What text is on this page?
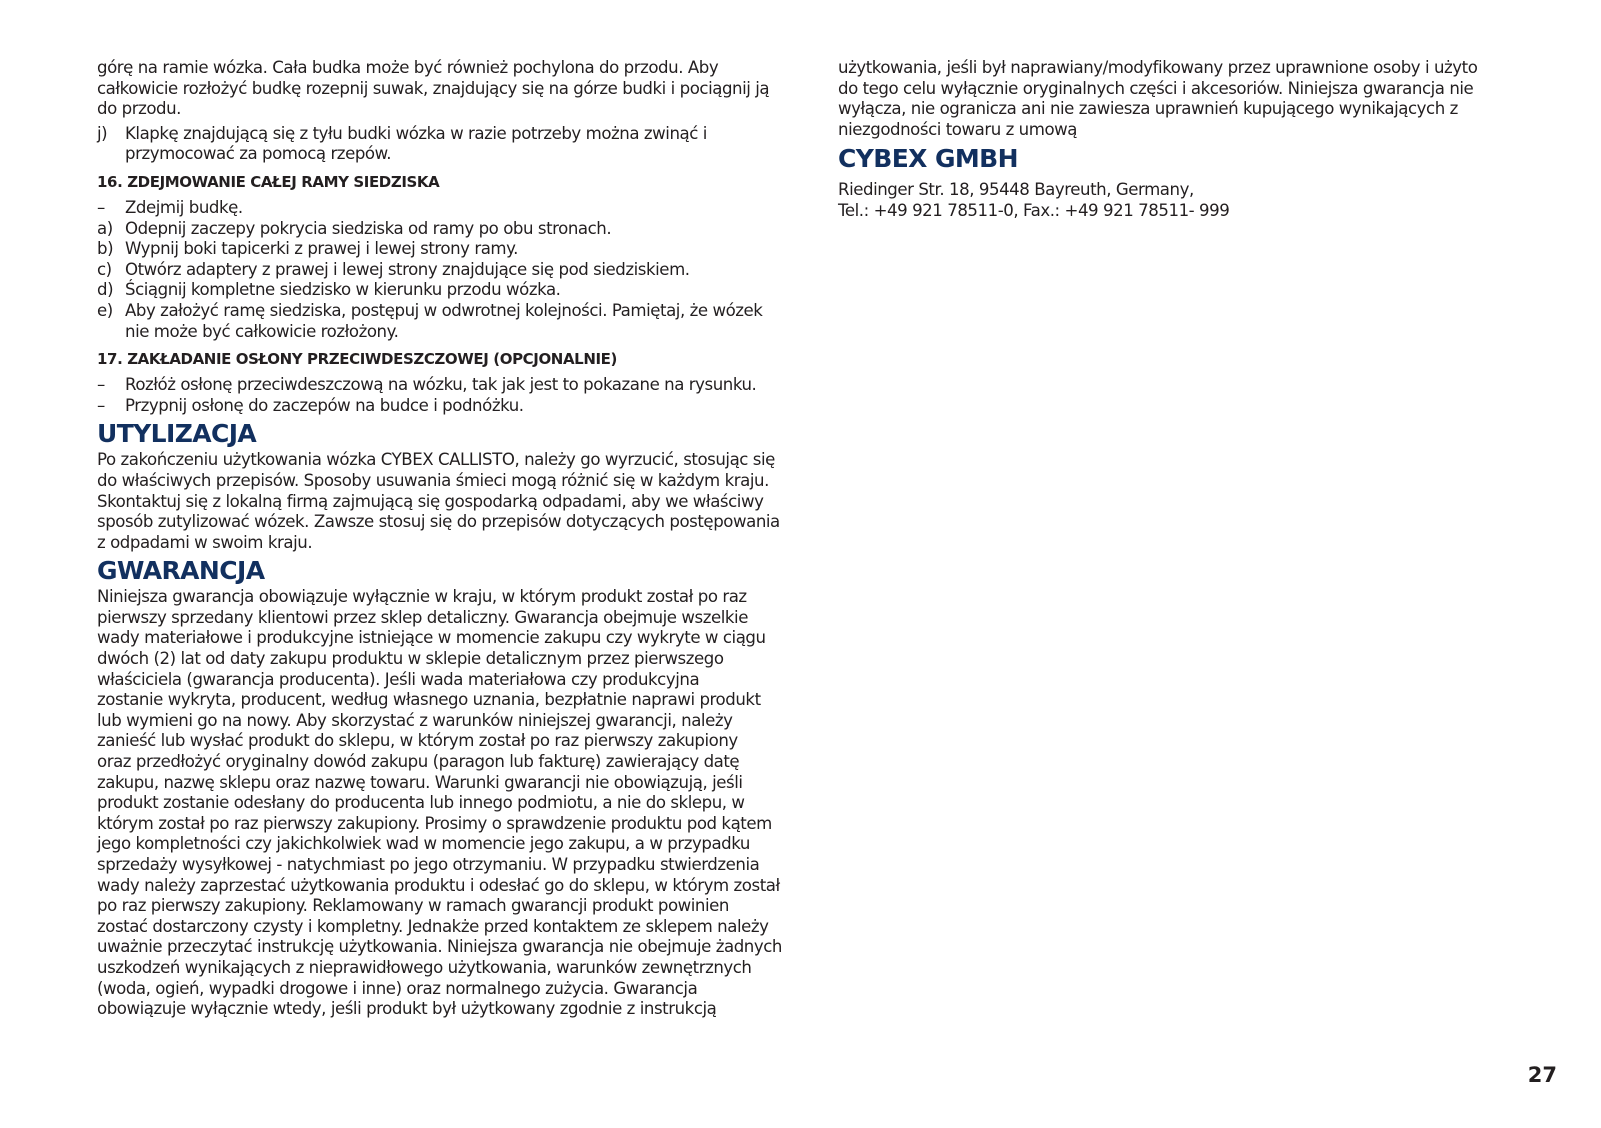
górę na ramie wózka. Cała budka może być również pochylona do przodu. Aby
całkowicie rozłożyć budkę rozepnij suwak, znajdujący się na górze budki i pociągnij ją
do przodu.

j)	Klapkę znajdującą się z tyłu budki wózka w razie potrzeby można zwinąć i
przymocować za pomocą rzepów.
16. ZDEJMOWANIE CAŁEJ RAMY SIEDZISKA
–	Zdejmij budkę.
a) Odepnij zaczepy pokrycia siedziska od ramy po obu stronach.
b) Wypnij boki tapicerki z prawej i lewej strony ramy.
c) Otwórz adaptery z prawej i lewej strony znajdujące się pod siedziskiem.
d) Ściągnij kompletne siedzisko w kierunku przodu wózka.
e) Aby założyć ramę siedziska, postępuj w odwrotnej kolejności. Pamiętaj, że wózek
nie może być całkowicie rozłożony.
17. ZAKŁADANIE OSŁONY PRZECIWDESZCZOWEJ (OPCJONALNIE)
–	Rozłóż osłonę przeciwdeszczową na wózku, tak jak jest to pokazane na rysunku.
–	Przypnij osłonę do zaczepów na budce i podnóżku.
UTYLIZACJA

Po zakończeniu użytkowania wózka CYBEX CALLISTO, należy go wyrzucić, stosując się
do właściwych przepisów. Sposoby usuwania śmieci mogą różnić się w każdym kraju.
Skontaktuj się z lokalną firmą zajmującą się gospodarką odpadami, aby we właściwy
sposób zutylizować wózek. Zawsze stosuj się do przepisów dotyczących postępowania
z odpadami w swoim kraju.

GWARANCJA

Niniejsza gwarancja obowiązuje wyłącznie w kraju, w którym produkt został po raz
pierwszy sprzedany klientowi przez sklep detaliczny. Gwarancja obejmuje wszelkie
wady materiałowe i produkcyjne istniejące w momencie zakupu czy wykryte w ciągu
dwóch (2) lat od daty zakupu produktu w sklepie detalicznym przez pierwszego
właściciela (gwarancja producenta). Jeśli wada materiałowa czy produkcyjna
zostanie wykryta, producent, według własnego uznania, bezpłatnie naprawi produkt
lub wymieni go na nowy. Aby skorzystać z warunków niniejszej gwarancji, należy
zanieść lub wysłać produkt do sklepu, w którym został po raz pierwszy zakupiony
oraz przedłożyć oryginalny dowód zakupu (paragon lub fakturę) zawierający datę
zakupu, nazwę sklepu oraz nazwę towaru. Warunki gwarancji nie obowiązują, jeśli
produkt zostanie odesłany do producenta lub innego podmiotu, a nie do sklepu, w
którym został po raz pierwszy zakupiony. Prosimy o sprawdzenie produktu pod kątem
jego kompletności czy jakichkolwiek wad w momencie jego zakupu, a w przypadku
sprzedaży wysyłkowej - natychmiast po jego otrzymaniu. W przypadku stwierdzenia
wady należy zaprzestać użytkowania produktu i odesłać go do sklepu, w którym został
po raz pierwszy zakupiony. Reklamowany w ramach gwarancji produkt powinien
zostać dostarczony czysty i kompletny. Jednakże przed kontaktem ze sklepem należy
uważnie przeczytać instrukcję użytkowania. Niniejsza gwarancja nie obejmuje żadnych
uszkodzeń wynikających z nieprawidłowego użytkowania, warunków zewnętrznych
(woda, ogień, wypadki drogowe i inne) oraz normalnego zużycia. Gwarancja
obowiązuje wyłącznie wtedy, jeśli produkt był użytkowany zgodnie z instrukcją

użytkowania, jeśli był naprawiany/modyfikowany przez uprawnione osoby i użyto
do tego celu wyłącznie oryginalnych części i akcesoriów. Niniejsza gwarancja nie
wyłącza, nie ogranicza ani nie zawiesza uprawnień kupującego wynikających z
niezgodności towaru z umową

CYBEX GMBH

Riedinger Str. 18, 95448 Bayreuth, Germany,
Tel.: +49 921 78511-0, Fax.: +49 921 78511- 999

27
